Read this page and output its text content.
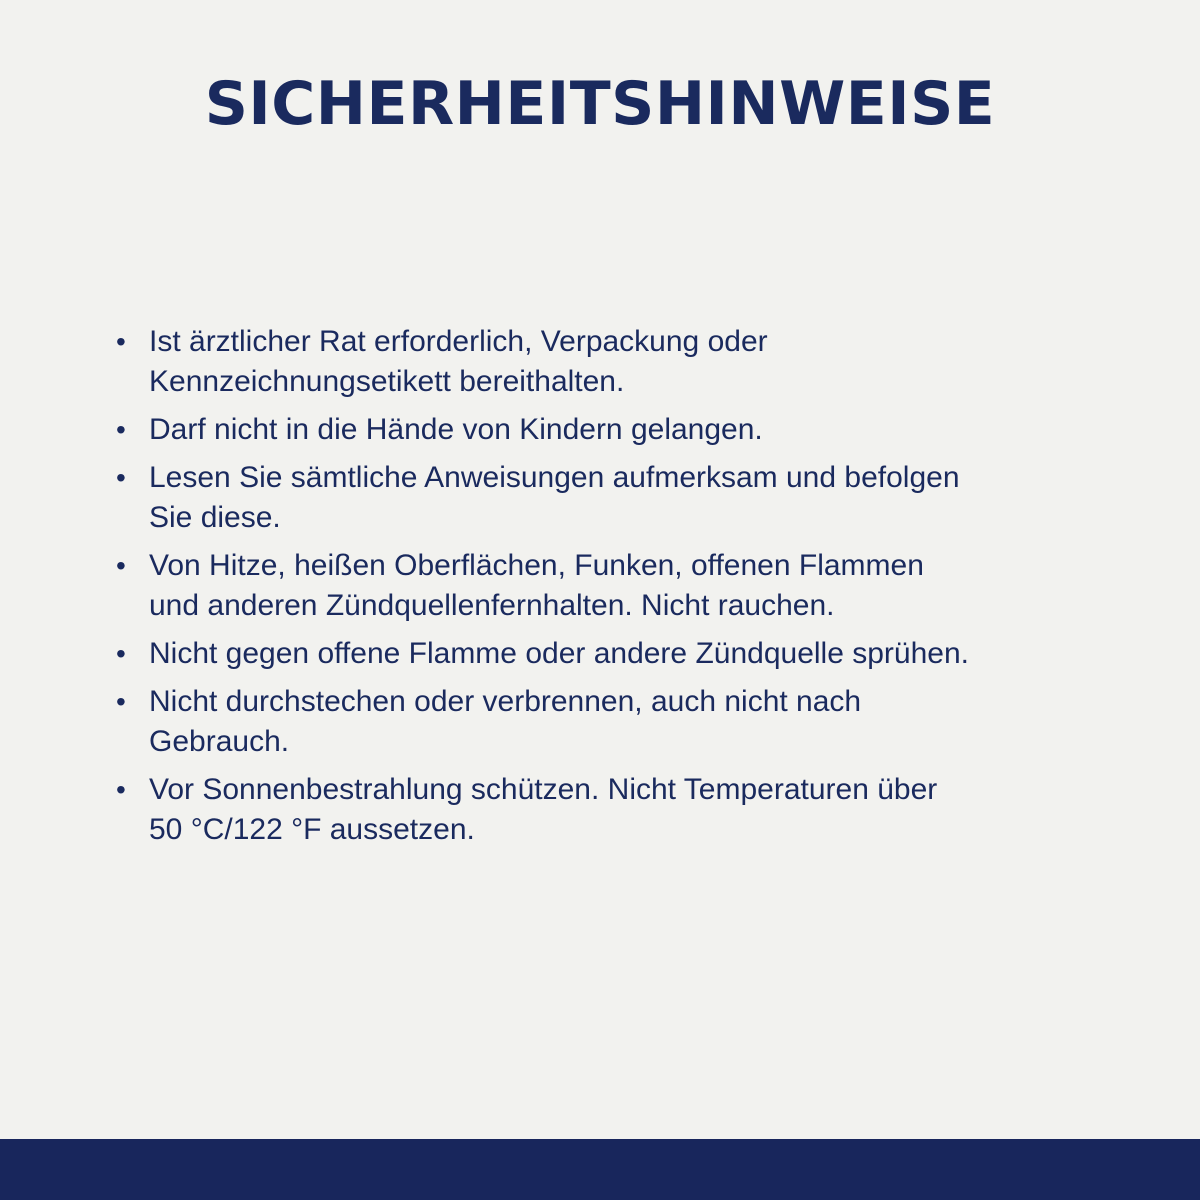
SICHERHEITSHINWEISE
• Ist ärztlicher Rat erforderlich, Verpackung oder
Kennzeichnungsetikett bereithalten.
• Darf nicht in die Hände von Kindern gelangen.
• Lesen Sie sämtliche Anweisungen aufmerksam und befolgen
Sie diese.
• Von Hitze, heißen Oberflächen, Funken, offenen Flammen
und anderen Zündquellenfernhalten. Nicht rauchen.
• Nicht gegen offene Flamme oder andere Zündquelle sprühen.
• Nicht durchstechen oder verbrennen, auch nicht nach
Gebrauch.
• Vor Sonnenbestrahlung schützen. Nicht Temperaturen über
50 °C/122 °F aussetzen.
